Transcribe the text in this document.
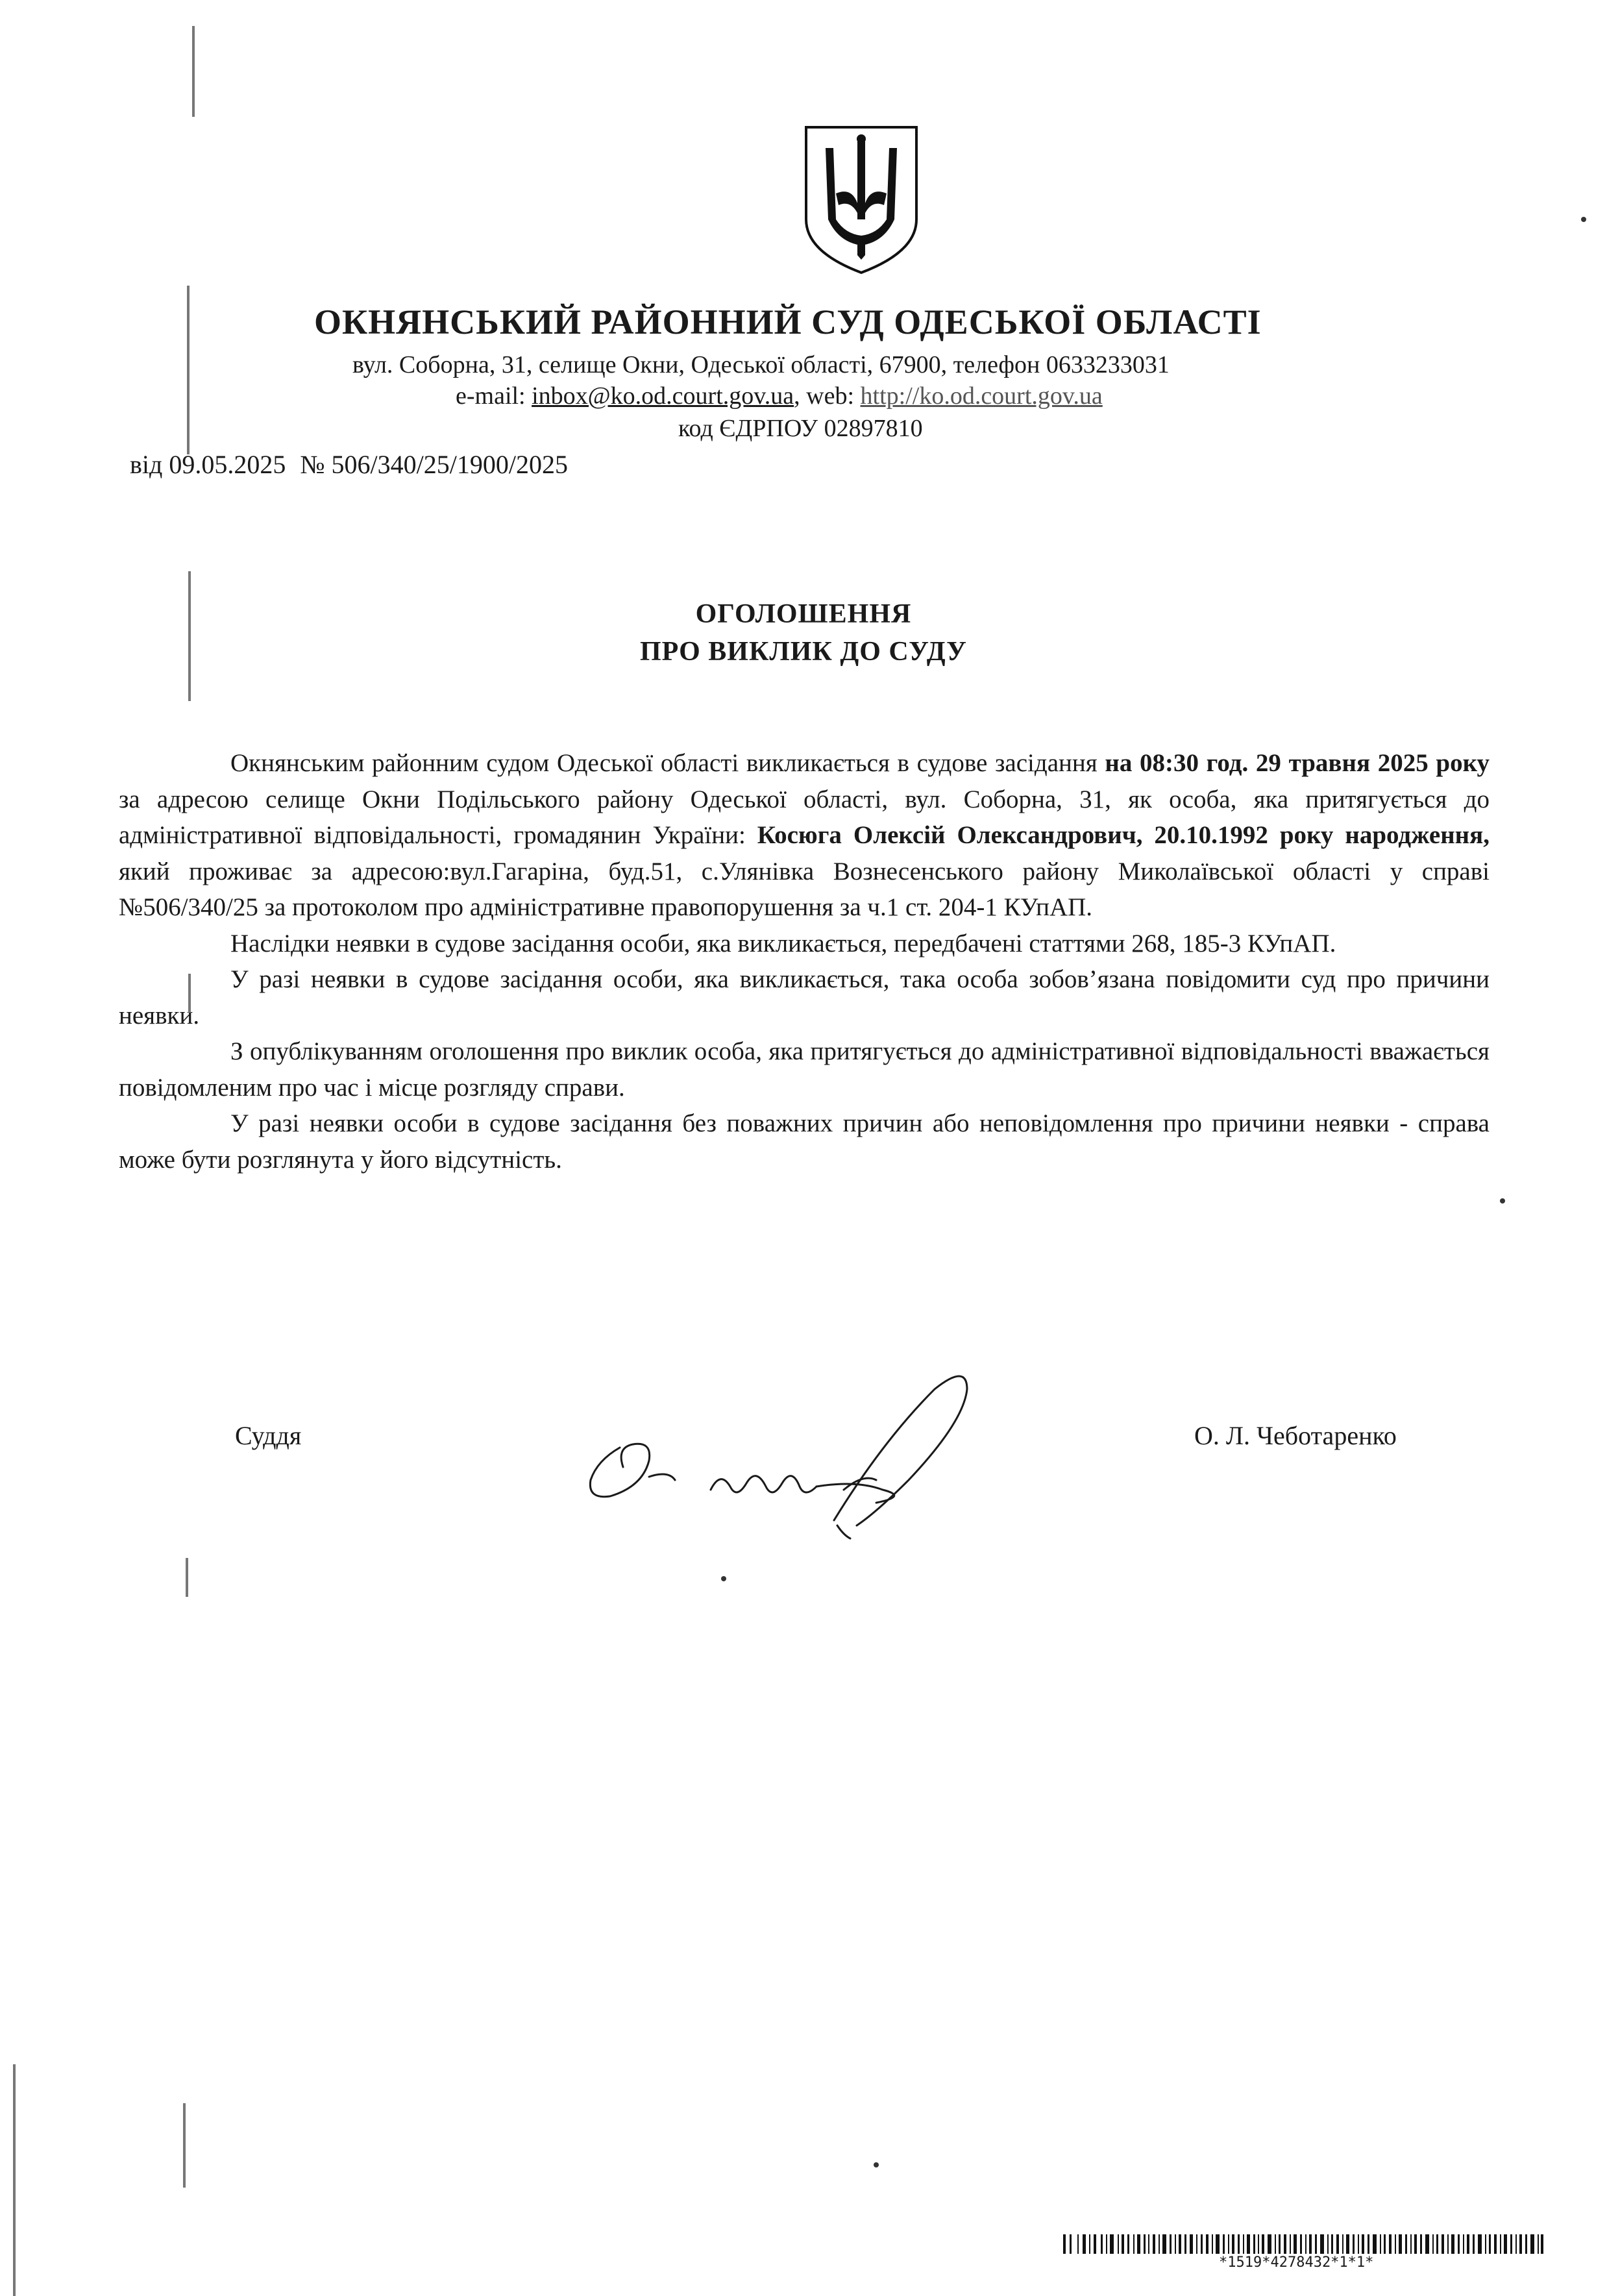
ОКНЯНСЬКИЙ РАЙОННИЙ СУД ОДЕСЬКОЇ ОБЛАСТІ
вул. Соборна, 31, селище Окни, Одеської області, 67900, телефон 0633233031
e-mail: inbox@ko.od.court.gov.ua, web: http://ko.od.court.gov.ua
код ЄДРПОУ 02897810
від 09.05.2025 № 506/340/25/1900/2025
ОГОЛОШЕННЯ
ПРО ВИКЛИК ДО СУДУ

Окнянським районним судом Одеської області викликається в судове засідання на 08:30 год. 29 травня 2025 року за адресою селище Окни Подільського району Одеської області, вул. Соборна, 31, як особа, яка притягується до адміністративної відповідальності, громадянин України: Косюга Олексій Олександрович, 20.10.1992 року народження, який проживає за адресою:вул.Гагаріна, буд.51, с.Улянівка Вознесенського району Миколаївської області у справі №506/340/25 за протоколом про адміністративне правопорушення за ч.1 ст. 204-1 КУпАП.

Наслідки неявки в судове засідання особи, яка викликається, передбачені статтями 268, 185-3 КУпАП.

У разі неявки в судове засідання особи, яка викликається, така особа зобов’язана повідомити суд про причини неявки.

З опублікуванням оголошення про виклик особа, яка притягується до адміністративної відповідальності вважається повідомленим про час і місце розгляду справи.

У разі неявки особи в судове засідання без поважних причин або неповідомлення про причини неявки - справа може бути розглянута у його відсутність.

Суддя	О. Л. Чеботаренко
*1519*4278432*1*1*
